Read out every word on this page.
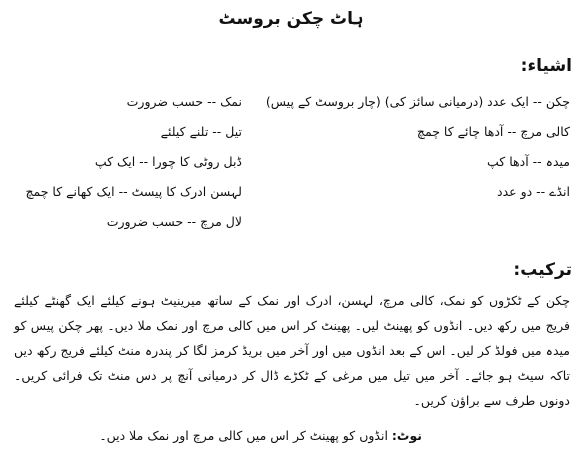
ہاٹ چکن بروسٹ
اشیاء:
چکن -- ایک عدد (درمیانی سائز کی) (چار بروسٹ کے پیس)
کالی مرچ -- آدھا چائے کا چمچ
میدہ -- آدھا کپ
انڈے -- دو عدد
نمک -- حسب ضرورت
تیل -- تلنے کیلئے
ڈبل روٹی کا چورا -- ایک کپ
لہسن ادرک کا پیسٹ -- ایک کھانے کا چمچ
لال مرچ -- حسب ضرورت
ترکیب:
چکن کے ٹکڑوں کو نمک، کالی مرچ، لہسن، ادرک اور نمک کے ساتھ میرینیٹ ہونے کیلئے ایک گھنٹے کیلئے فریج میں رکھ دیں۔ انڈوں کو پھینٹ لیں۔ پھینٹ کر اس میں کالی مرچ اور نمک ملا دیں۔ پھر چکن پیس کو میدہ میں فولڈ کر لیں۔ اس کے بعد انڈوں میں اور آخر میں بریڈ کرمز لگا کر پندرہ منٹ کیلئے فریج رکھ دیں تاکہ سیٹ ہو جائے۔ آخر میں تیل میں مرغی کے ٹکڑے ڈال کر درمیانی آنچ پر دس منٹ تک فرائی کریں۔ دونوں طرف سے براؤن کریں۔
نوٹ: انڈوں کو پھینٹ کر اس میں کالی مرچ اور نمک ملا دیں۔
